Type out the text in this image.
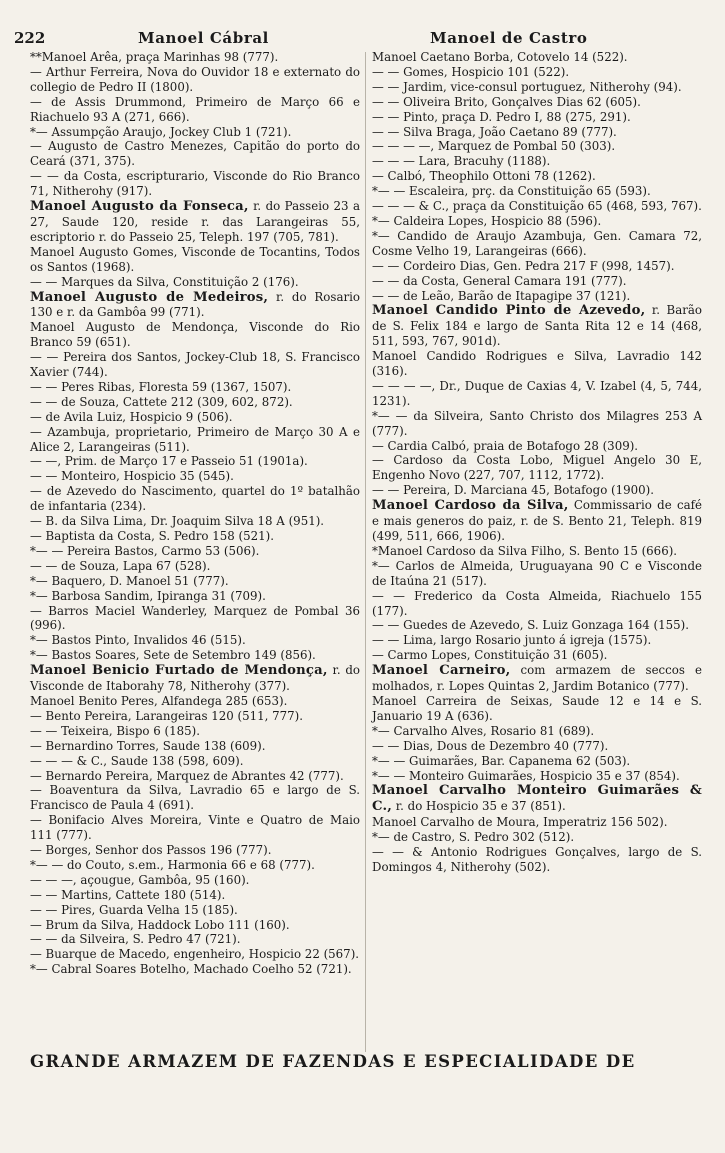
222	Manoel Cábral	Manoel de Castro

**Manoel Arêa, praça Marinhas 98 (777).

— Arthur Ferreira, Nova do Ouvidor 18 e externato do collegio de Pedro II (1800).

— de Assis Drummond, Primeiro de Março 66 e Riachuelo 93 A (271, 666).

*— Assumpção Araujo, Jockey Club 1 (721).

— Augusto de Castro Menezes, Capitão do porto do Ceará (371, 375).

— — da Costa, escripturario, Visconde do Rio Branco 71, Nitherohy (917).

Manoel Augusto da Fonseca, r. do Passeio 23 a 27, Saude 120, reside r. das Larangeiras 55, escriptorio r. do Passeio 25, Teleph. 197 (705, 781).

Manoel Augusto Gomes, Visconde de Tocantins, Todos os Santos (1968).

— — Marques da Silva, Constituição 2 (176).

Manoel Augusto de Medeiros, r. do Rosario 130 e r. da Gambôa 99 (771).

Manoel Augusto de Mendonça, Visconde do Rio Branco 59 (651).

— — Pereira dos Santos, Jockey-Club 18, S. Francisco Xavier (744).

— — Peres Ribas, Floresta 59 (1367, 1507).

— — de Souza, Cattete 212 (309, 602, 872).

— de Avila Luiz, Hospicio 9 (506).

— Azambuja, proprietario, Primeiro de Março 30 A e Alice 2, Larangeiras (511).

— —, Prim. de Março 17 e Passeio 51 (1901a).

— — Monteiro, Hospicio 35 (545).

— de Azevedo do Nascimento, quartel do 1º batalhão de infantaria (234).

— B. da Silva Lima, Dr. Joaquim Silva 18 A (951).

— Baptista da Costa, S. Pedro 158 (521).

*— — Pereira Bastos, Carmo 53 (506).

— — de Souza, Lapa 67 (528).

*— Baquero, D. Manoel 51 (777).

*— Barbosa Sandim, Ipiranga 31 (709).

— Barros Maciel Wanderley, Marquez de Pombal 36 (996).

*— Bastos Pinto, Invalidos 46 (515).

*— Bastos Soares, Sete de Setembro 149 (856).

Manoel Benicio Furtado de Mendonça, r. do Visconde de Itaborahy 78, Nitherohy (377).

Manoel Benito Peres, Alfandega 285 (653).

— Bento Pereira, Larangeiras 120 (511, 777).

— — Teixeira, Bispo 6 (185).

— Bernardino Torres, Saude 138 (609).

— — — & C., Saude 138 (598, 609).

— Bernardo Pereira, Marquez de Abrantes 42 (777).

— Boaventura da Silva, Lavradio 65 e largo de S. Francisco de Paula 4 (691).

— Bonifacio Alves Moreira, Vinte e Quatro de Maio 111 (777).

— Borges, Senhor dos Passos 196 (777).

*— — do Couto, s.em., Harmonia 66 e 68 (777).

— — —, açougue, Gambôa, 95 (160).

— — Martins, Cattete 180 (514).

— — Pires, Guarda Velha 15 (185).

— Brum da Silva, Haddock Lobo 111 (160).

— — da Silveira, S. Pedro 47 (721).

— Buarque de Macedo, engenheiro, Hospicio 22 (567).

*— Cabral Soares Botelho, Machado Coelho 52 (721).

Manoel Caetano Borba, Cotovelo 14 (522).

— — Gomes, Hospicio 101 (522).

— — Jardim, vice-consul portuguez, Nitherohy (94).

— — Oliveira Brito, Gonçalves Dias 62 (605).

— — Pinto, praça D. Pedro I, 88 (275, 291).

— — Silva Braga, João Caetano 89 (777).

— — — —, Marquez de Pombal 50 (303).

— — — Lara, Bracuhy (1188).

— Calbó, Theophilo Ottoni 78 (1262).

*— — Escaleira, prç. da Constituição 65 (593).

— — — & C., praça da Constituição 65 (468, 593, 767).

*— Caldeira Lopes, Hospicio 88 (596).

*— Candido de Araujo Azambuja, Gen. Camara 72, Cosme Velho 19, Larangeiras (666).

— — Cordeiro Dias, Gen. Pedra 217 F (998, 1457).

— — da Costa, General Camara 191 (777).

— — de Leão, Barão de Itapagipe 37 (121).

Manoel Candido Pinto de Azevedo, r. Barão de S. Felix 184 e largo de Santa Rita 12 e 14 (468, 511, 593, 767, 901d).

Manoel Candido Rodrigues e Silva, Lavradio 142 (316).

— — — —, Dr., Duque de Caxias 4, V. Izabel (4, 5, 744, 1231).

*— — da Silveira, Santo Christo dos Milagres 253 A (777).

— Cardia Calbó, praia de Botafogo 28 (309).

— Cardoso da Costa Lobo, Miguel Angelo 30 E, Engenho Novo (227, 707, 1112, 1772).

— — Pereira, D. Marciana 45, Botafogo (1900).

Manoel Cardoso da Silva, Commissario de café e mais generos do paiz, r. de S. Bento 21, Teleph. 819 (499, 511, 666, 1906).

*Manoel Cardoso da Silva Filho, S. Bento 15 (666).

*— Carlos de Almeida, Uruguayana 90 C e Visconde de Itaúna 21 (517).

— — Frederico da Costa Almeida, Riachuelo 155 (177).

— — Guedes de Azevedo, S. Luiz Gonzaga 164 (155).

— — Lima, largo Rosario junto á igreja (1575).

— Carmo Lopes, Constituição 31 (605).

Manoel Carneiro, com armazem de seccos e molhados, r. Lopes Quintas 2, Jardim Botanico (777).

Manoel Carreira de Seixas, Saude 12 e 14 e S. Januario 19 A (636).

*— Carvalho Alves, Rosario 81 (689).

— — Dias, Dous de Dezembro 40 (777).

*— — Guimarães, Bar. Capanema 62 (503).

*— — Monteiro Guimarães, Hospicio 35 e 37 (854).

Manoel Carvalho Monteiro Guimarães & C., r. do Hospicio 35 e 37 (851).

Manoel Carvalho de Moura, Imperatriz 156 502).

*— de Castro, S. Pedro 302 (512).

— — & Antonio Rodrigues Gonçalves, largo de S. Domingos 4, Nitherohy (502).

GRANDE ARMAZEM DE FAZENDAS E ESPECIALIDADE DE
